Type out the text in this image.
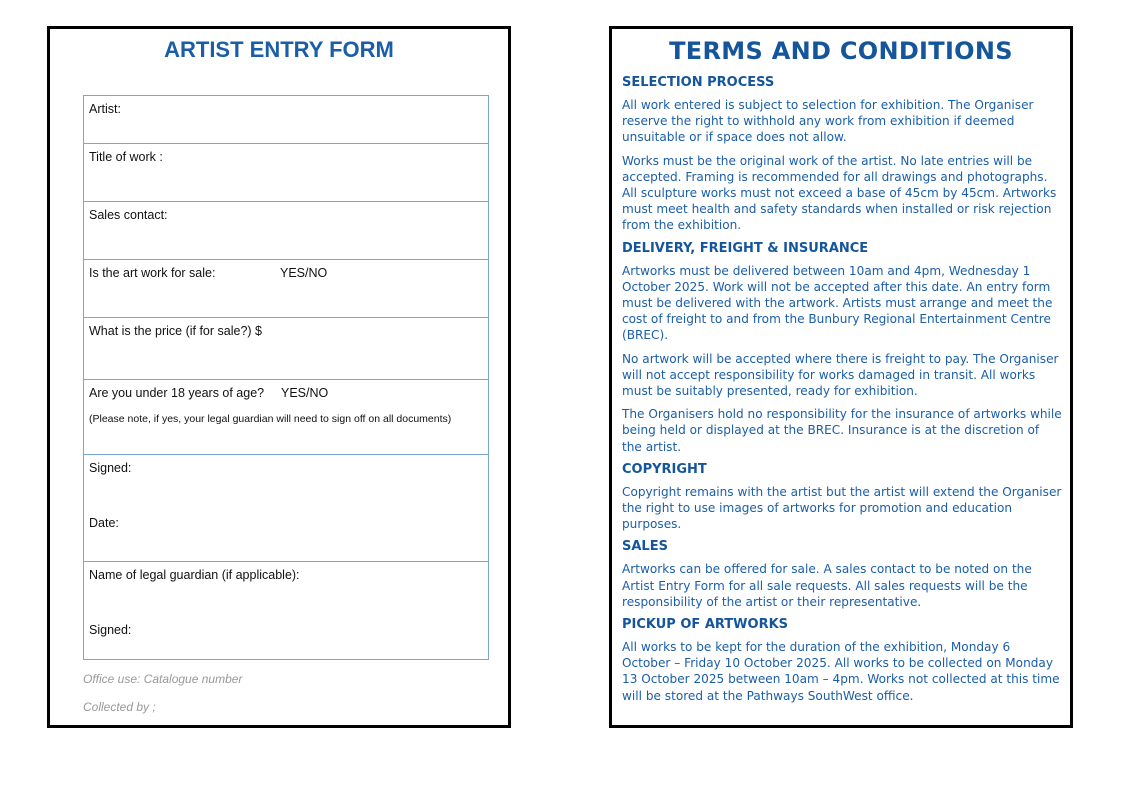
ARTIST ENTRY FORM
Artist:
Title of work :
Sales contact:
Is the art work for sale:	YES/NO
What is the price (if for sale?) $
Are you under 18 years of age? YES/NO
(Please note, if yes, your legal guardian will need to sign off on all documents)
Signed:
Date:
Name of legal guardian (if applicable):
Signed:
Office use: Catalogue number
Collected by ;
TERMS AND CONDITIONS
SELECTION PROCESS

All work entered is subject to selection for exhibition. The Organiser reserve the right to withhold any work from exhibition if deemed unsuitable or if space does not allow.

Works must be the original work of the artist. No late entries will be accepted. Framing is recommended for all drawings and photographs. All sculpture works must not exceed a base of 45cm by 45cm. Artworks must meet health and safety standards when installed or risk rejection from the exhibition.

DELIVERY, FREIGHT & INSURANCE

Artworks must be delivered between 10am and 4pm, Wednesday 1 October 2025. Work will not be accepted after this date. An entry form must be delivered with the artwork. Artists must arrange and meet the cost of freight to and from the Bunbury Regional Entertainment Centre (BREC).

No artwork will be accepted where there is freight to pay. The Organiser will not accept responsibility for works damaged in transit. All works must be suitably presented, ready for exhibition.

The Organisers hold no responsibility for the insurance of artworks while being held or displayed at the BREC. Insurance is at the discretion of the artist.

COPYRIGHT

Copyright remains with the artist but the artist will extend the Organiser the right to use images of artworks for promotion and education purposes.

SALES

Artworks can be offered for sale. A sales contact to be noted on the Artist Entry Form for all sale requests. All sales requests will be the responsibility of the artist or their representative.

PICKUP OF ARTWORKS

All works to be kept for the duration of the exhibition, Monday 6 October – Friday 10 October 2025. All works to be collected on Monday 13 October 2025 between 10am – 4pm. Works not collected at this time will be stored at the Pathways SouthWest office.
